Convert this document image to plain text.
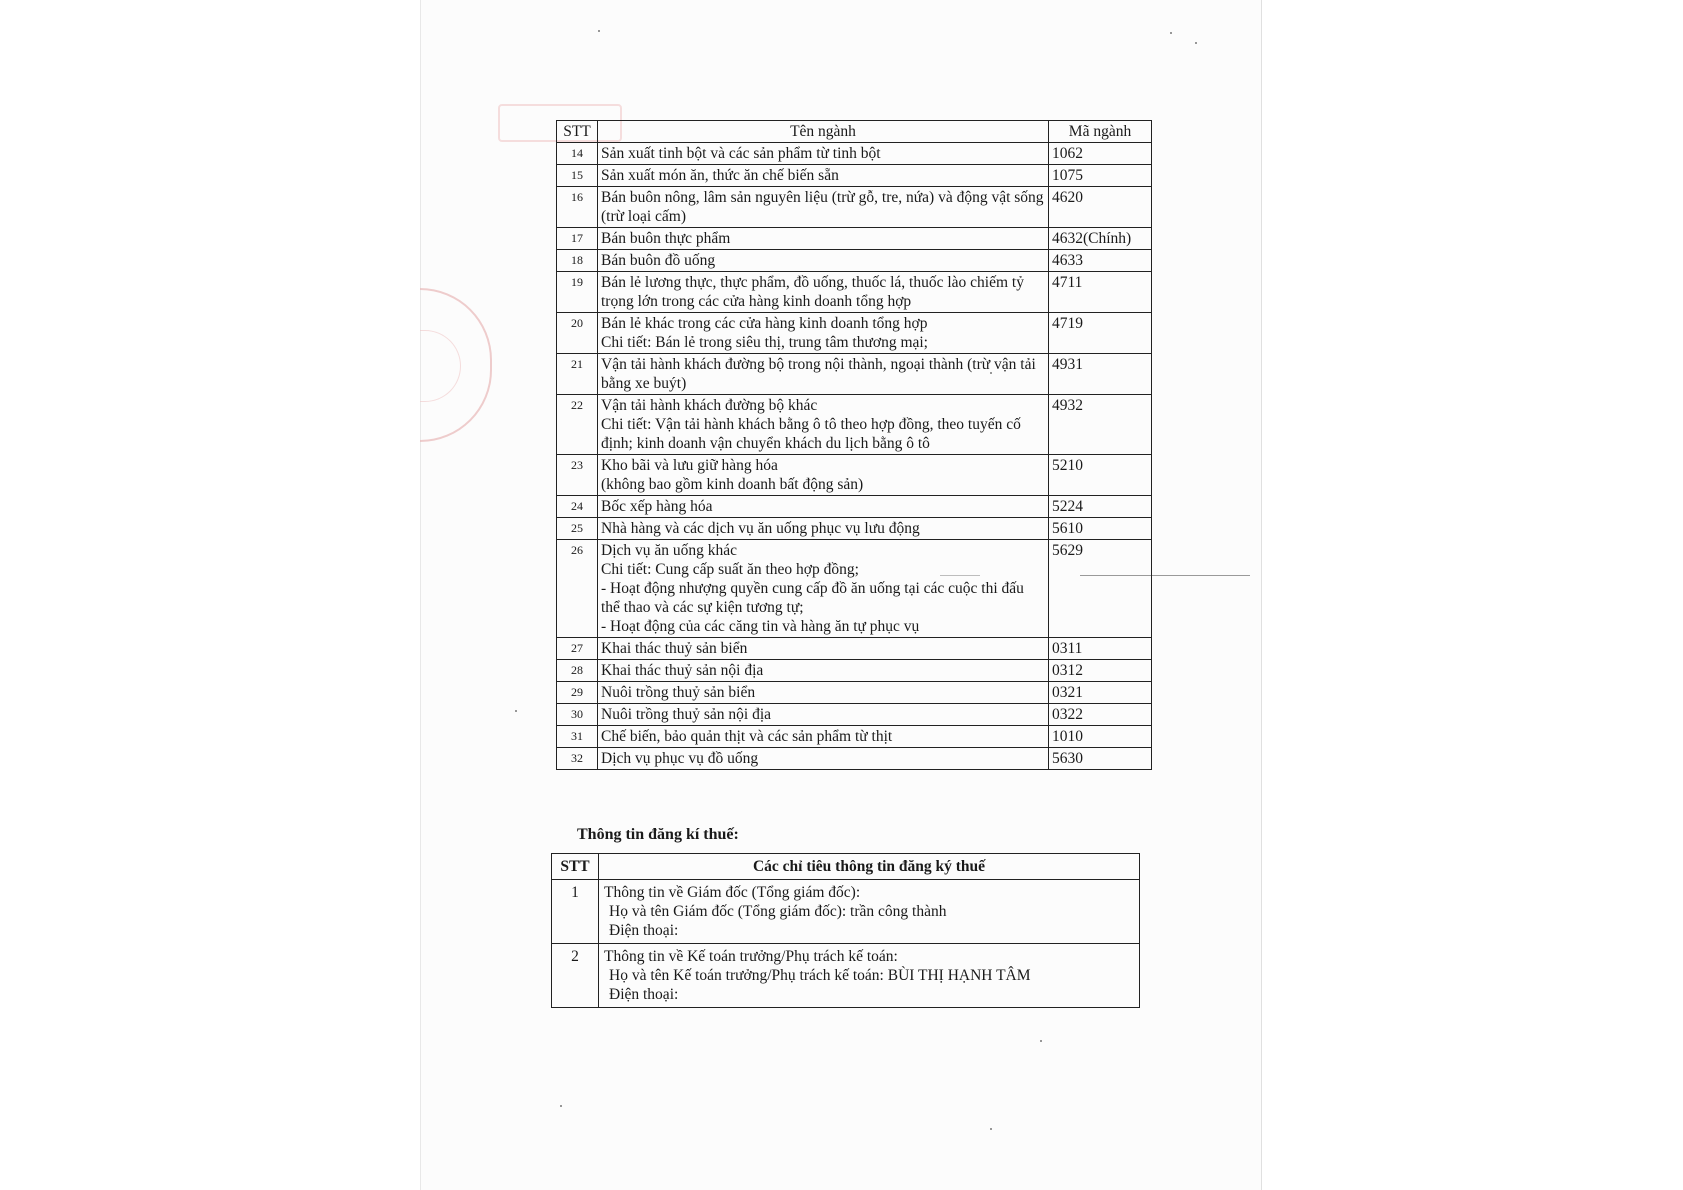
STT	Tên ngành	Mã ngành
14	Sản xuất tinh bột và các sản phẩm từ tinh bột	1062
15	Sản xuất món ăn, thức ăn chế biến sẵn	1075
16	Bán buôn nông, lâm sản nguyên liệu (trừ gỗ, tre, nứa) và động vật sống
(trừ loại cấm)	4620
17	Bán buôn thực phẩm	4632(Chính)
18	Bán buôn đồ uống	4633
19	Bán lẻ lương thực, thực phẩm, đồ uống, thuốc lá, thuốc lào chiếm tỷ trọng lớn trong các cửa hàng kinh doanh tổng hợp	4711
20	Bán lẻ khác trong các cửa hàng kinh doanh tổng hợp
Chi tiết: Bán lẻ trong siêu thị, trung tâm thương mại;	4719
21	Vận tải hành khách đường bộ trong nội thành, ngoại thành (trừ vận tải bằng xe buýt)	4931
22	Vận tải hành khách đường bộ khác
Chi tiết: Vận tải hành khách bằng ô tô theo hợp đồng, theo tuyến cố định; kinh doanh vận chuyển khách du lịch bằng ô tô	4932
23	Kho bãi và lưu giữ hàng hóa
(không bao gồm kinh doanh bất động sản)	5210
24	Bốc xếp hàng hóa	5224
25	Nhà hàng và các dịch vụ ăn uống phục vụ lưu động	5610
26	Dịch vụ ăn uống khác
Chi tiết: Cung cấp suất ăn theo hợp đồng;
- Hoạt động nhượng quyền cung cấp đồ ăn uống tại các cuộc thi đấu thể thao và các sự kiện tương tự;
- Hoạt động của các căng tin và hàng ăn tự phục vụ	5629
27	Khai thác thuỷ sản biển	0311
28	Khai thác thuỷ sản nội địa	0312
29	Nuôi trồng thuỷ sản biển	0321
30	Nuôi trồng thuỷ sản nội địa	0322
31	Chế biến, bảo quản thịt và các sản phẩm từ thịt	1010
32	Dịch vụ phục vụ đồ uống	5630
Thông tin đăng kí thuế:
STT	Các chỉ tiêu thông tin đăng ký thuế
1	Thông tin về Giám đốc (Tổng giám đốc):
Họ và tên Giám đốc (Tổng giám đốc): trần công thành
Điện thoại:

2	Thông tin về Kế toán trưởng/Phụ trách kế toán:
Họ và tên Kế toán trưởng/Phụ trách kế toán: BÙI THỊ HẠNH TÂM
Điện thoại:
